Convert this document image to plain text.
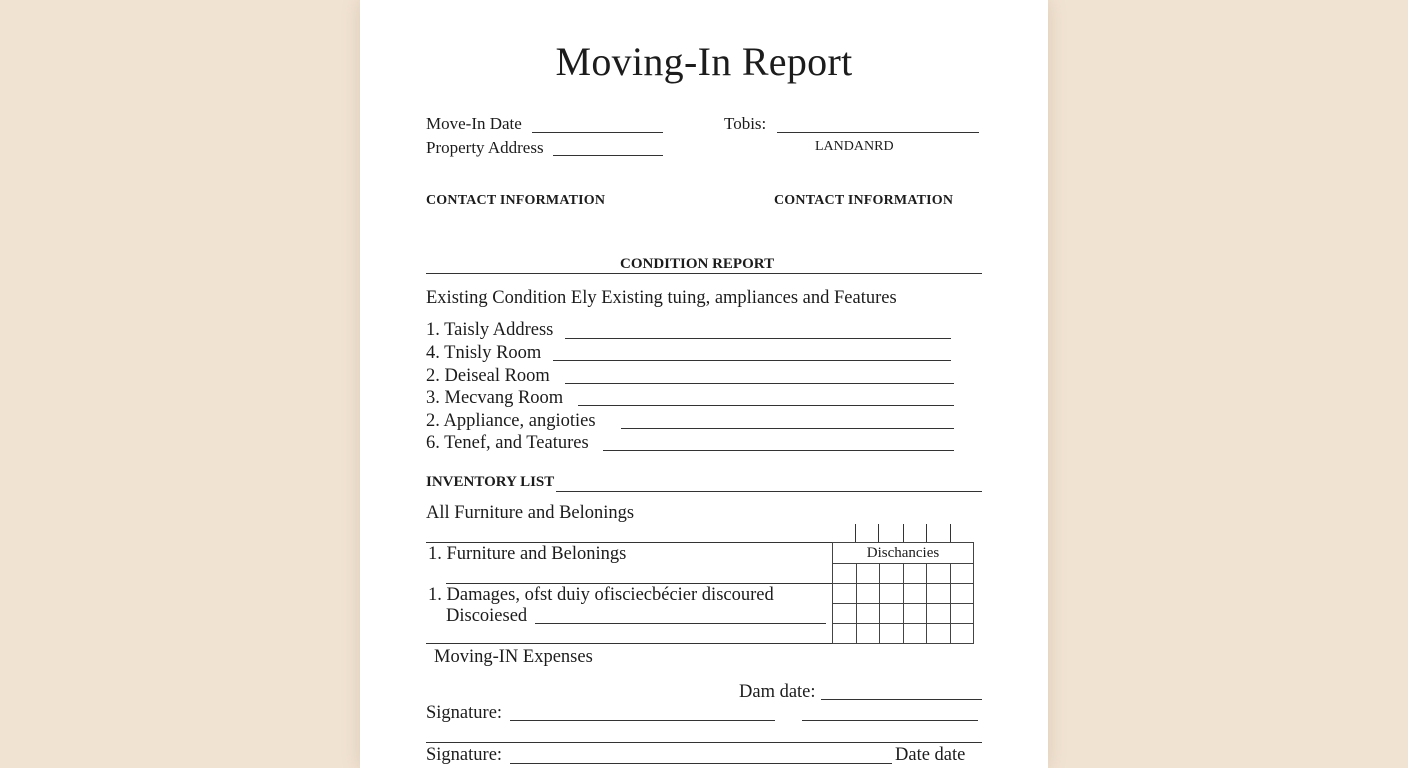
Moving-In Report
Move-In Date
Property Address
Tobis:
LANDANRD
CONTACT INFORMATION	CONTACT INFORMATION
CONDITION REPORT
Existing Condition Ely Existing tuing, ampliances and Features
1. Taisly Address
4. Tnisly Room
2. Deiseal Room
3. Mecvang Room
2. Appliance, angioties
6. Tenef, and Teatures
INVENTORY LIST
All Furniture and Belonings
1. Furniture and Belonings
1. Damages, ofst duiy ofisciecbécier discoured
Discoiesed
Dischancies					

Moving-IN Expenses
Dam date:
Signature:
Signature:	Date date
